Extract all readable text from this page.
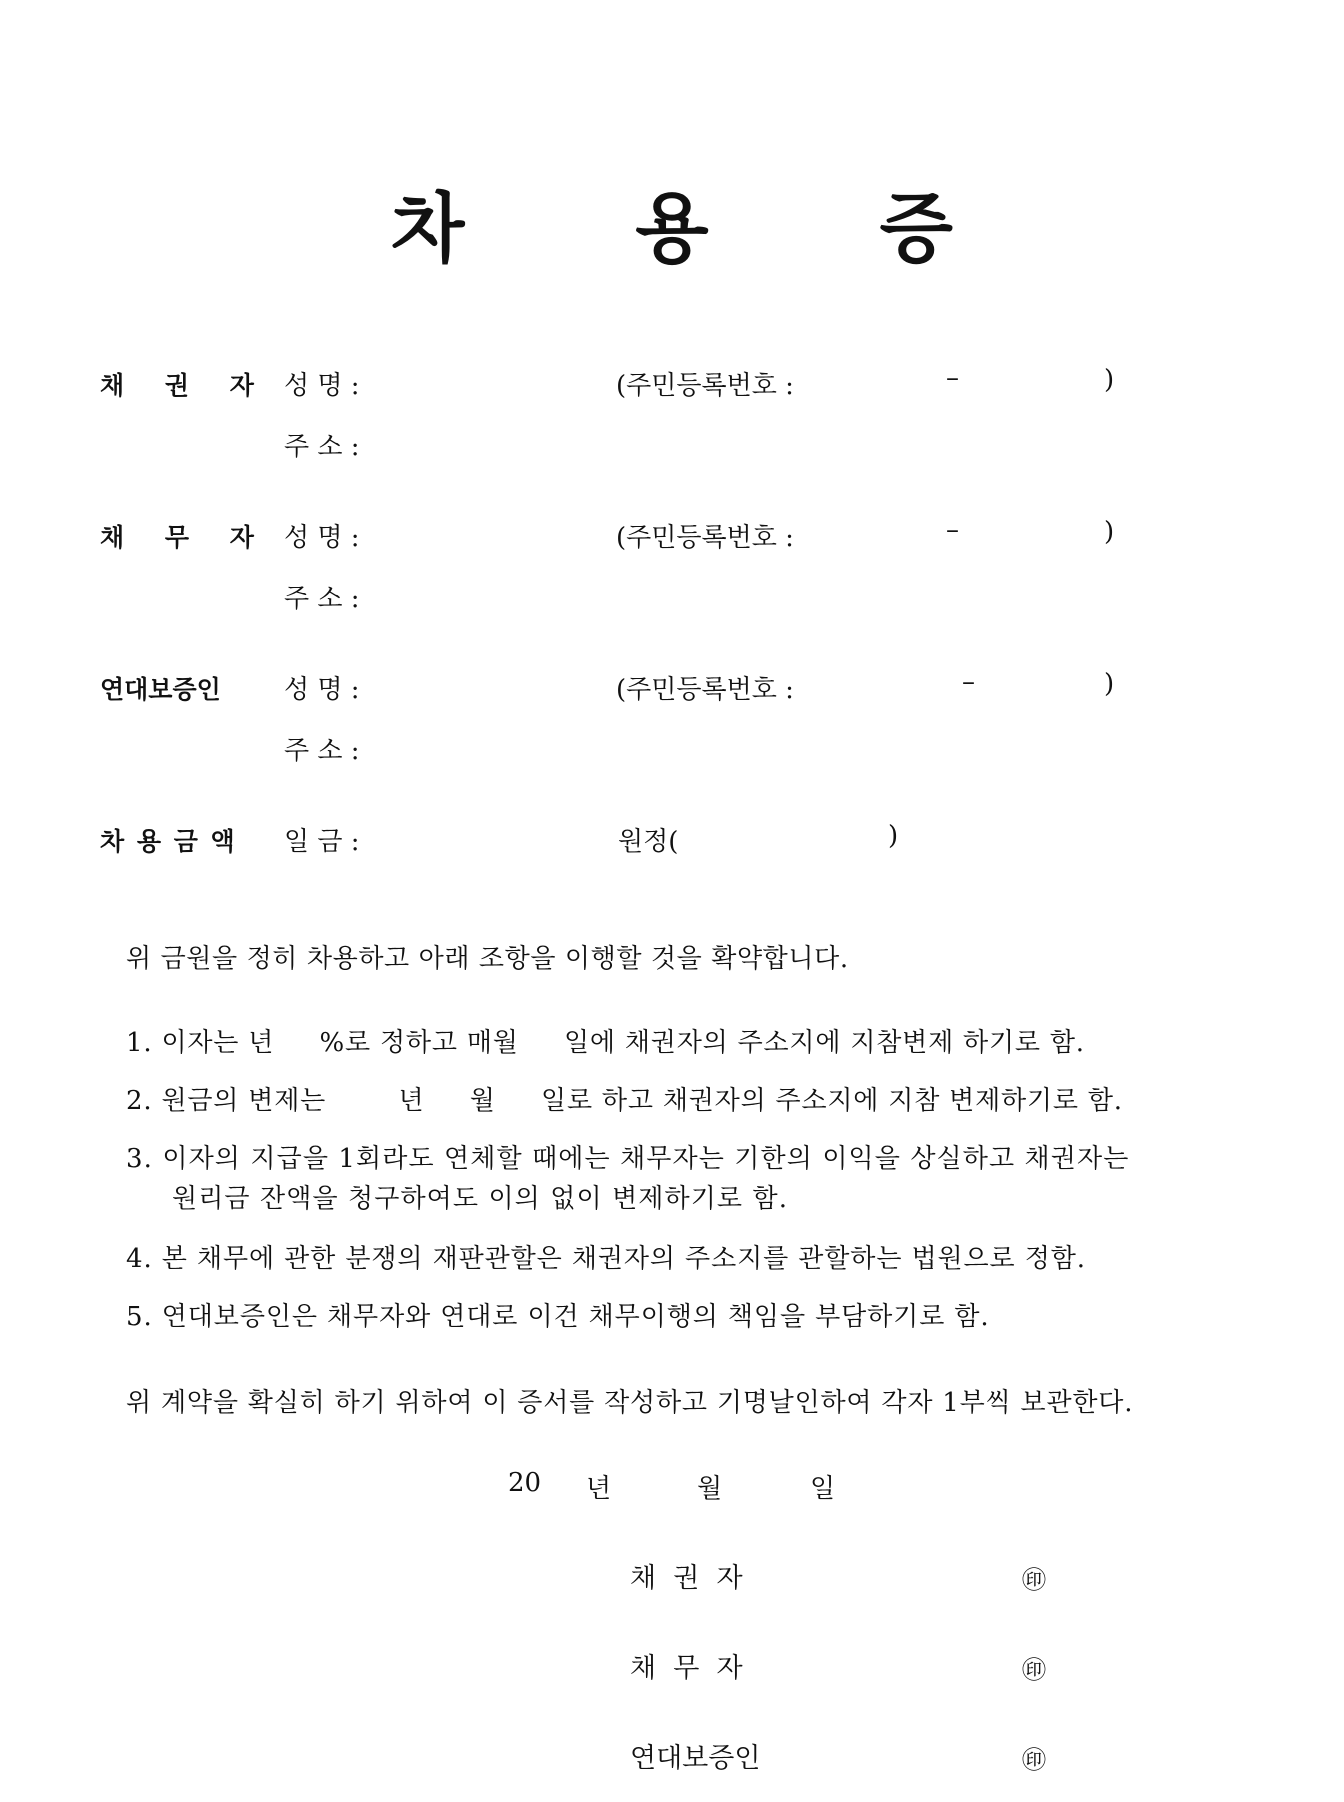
차 용 증
채 권 자 성 명 :	(주민등록번호 :	–	)
주 소 :
채 무 자 성 명 :	(주민등록번호 :	–	)
주 소 :
연대보증인 성 명 :	(주민등록번호 :	–	)
주 소 :
차 용 금 액 일 금 :	원정(	)
위 금원을 정히 차용하고 아래 조항을 이행할 것을 확약합니다.
1. 이자는 년     %로 정하고 매월     일에 채권자의 주소지에 지참변제 하기로 함.
2. 원금의 변제는        년     월     일로 하고 채권자의 주소지에 지참 변제하기로 함.
3. 이자의 지급을 1회라도 연체할 때에는 채무자는 기한의 이익을 상실하고 채권자는
원리금 잔액을 청구하여도 이의 없이 변제하기로 함.
4. 본 채무에 관한 분쟁의 재판관할은 채권자의 주소지를 관할하는 법원으로 정함.
5. 연대보증인은 채무자와 연대로 이건 채무이행의 책임을 부담하기로 함.
위 계약을 확실히 하기 위하여 이 증서를 작성하고 기명날인하여 각자 1부씩 보관한다.
20 년	월	일
채  권  자	㊞
채  무  자	㊞
연대보증인	㊞
